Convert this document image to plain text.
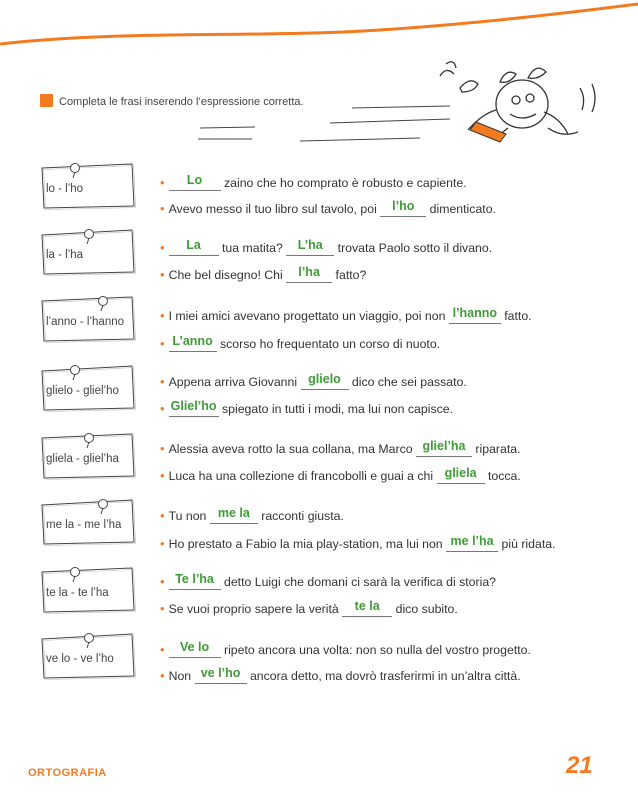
Completa le frasi inserendo l’espressione corretta.
lo - l’ho	• Lo zaino che ho comprato è robusto e capiente.
• Avevo messo il tuo libro sul tavolo, poi l’ho dimenticato.
la - l’ha	• La tua matita? L’ha trovata Paolo sotto il divano.
• Che bel disegno! Chi l’ha fatto?
l’anno - l’hanno	• I miei amici avevano progettato un viaggio, poi non l’hanno fatto.
• L’anno scorso ho frequentato un corso di nuoto.
glielo - gliel’ho
• Appena arriva Giovanni glielo dico che sei passato.
• Gliel’ho spiegato in tutti i modi, ma lui non capisce.
gliela - gliel’ha
• Alessia aveva rotto la sua collana, ma Marco gliel’ha riparata.
• Luca ha una collezione di francobolli e guai a chi gliela tocca.
me la - me l’ha
• Tu non me la racconti giusta.
• Ho prestato a Fabio la mia play-station, ma lui non me l’ha più ridata.
te la - te l’ha
• Te l’ha detto Luigi che domani ci sarà la verifica di storia?
• Se vuoi proprio sapere la verità te la dico subito.
ve lo - ve l’ho
• Ve lo ripeto ancora una volta: non so nulla del vostro progetto.
• Non ve l’ho ancora detto, ma dovrò trasferirmi in un’altra città.
ORTOGRAFIA	21
